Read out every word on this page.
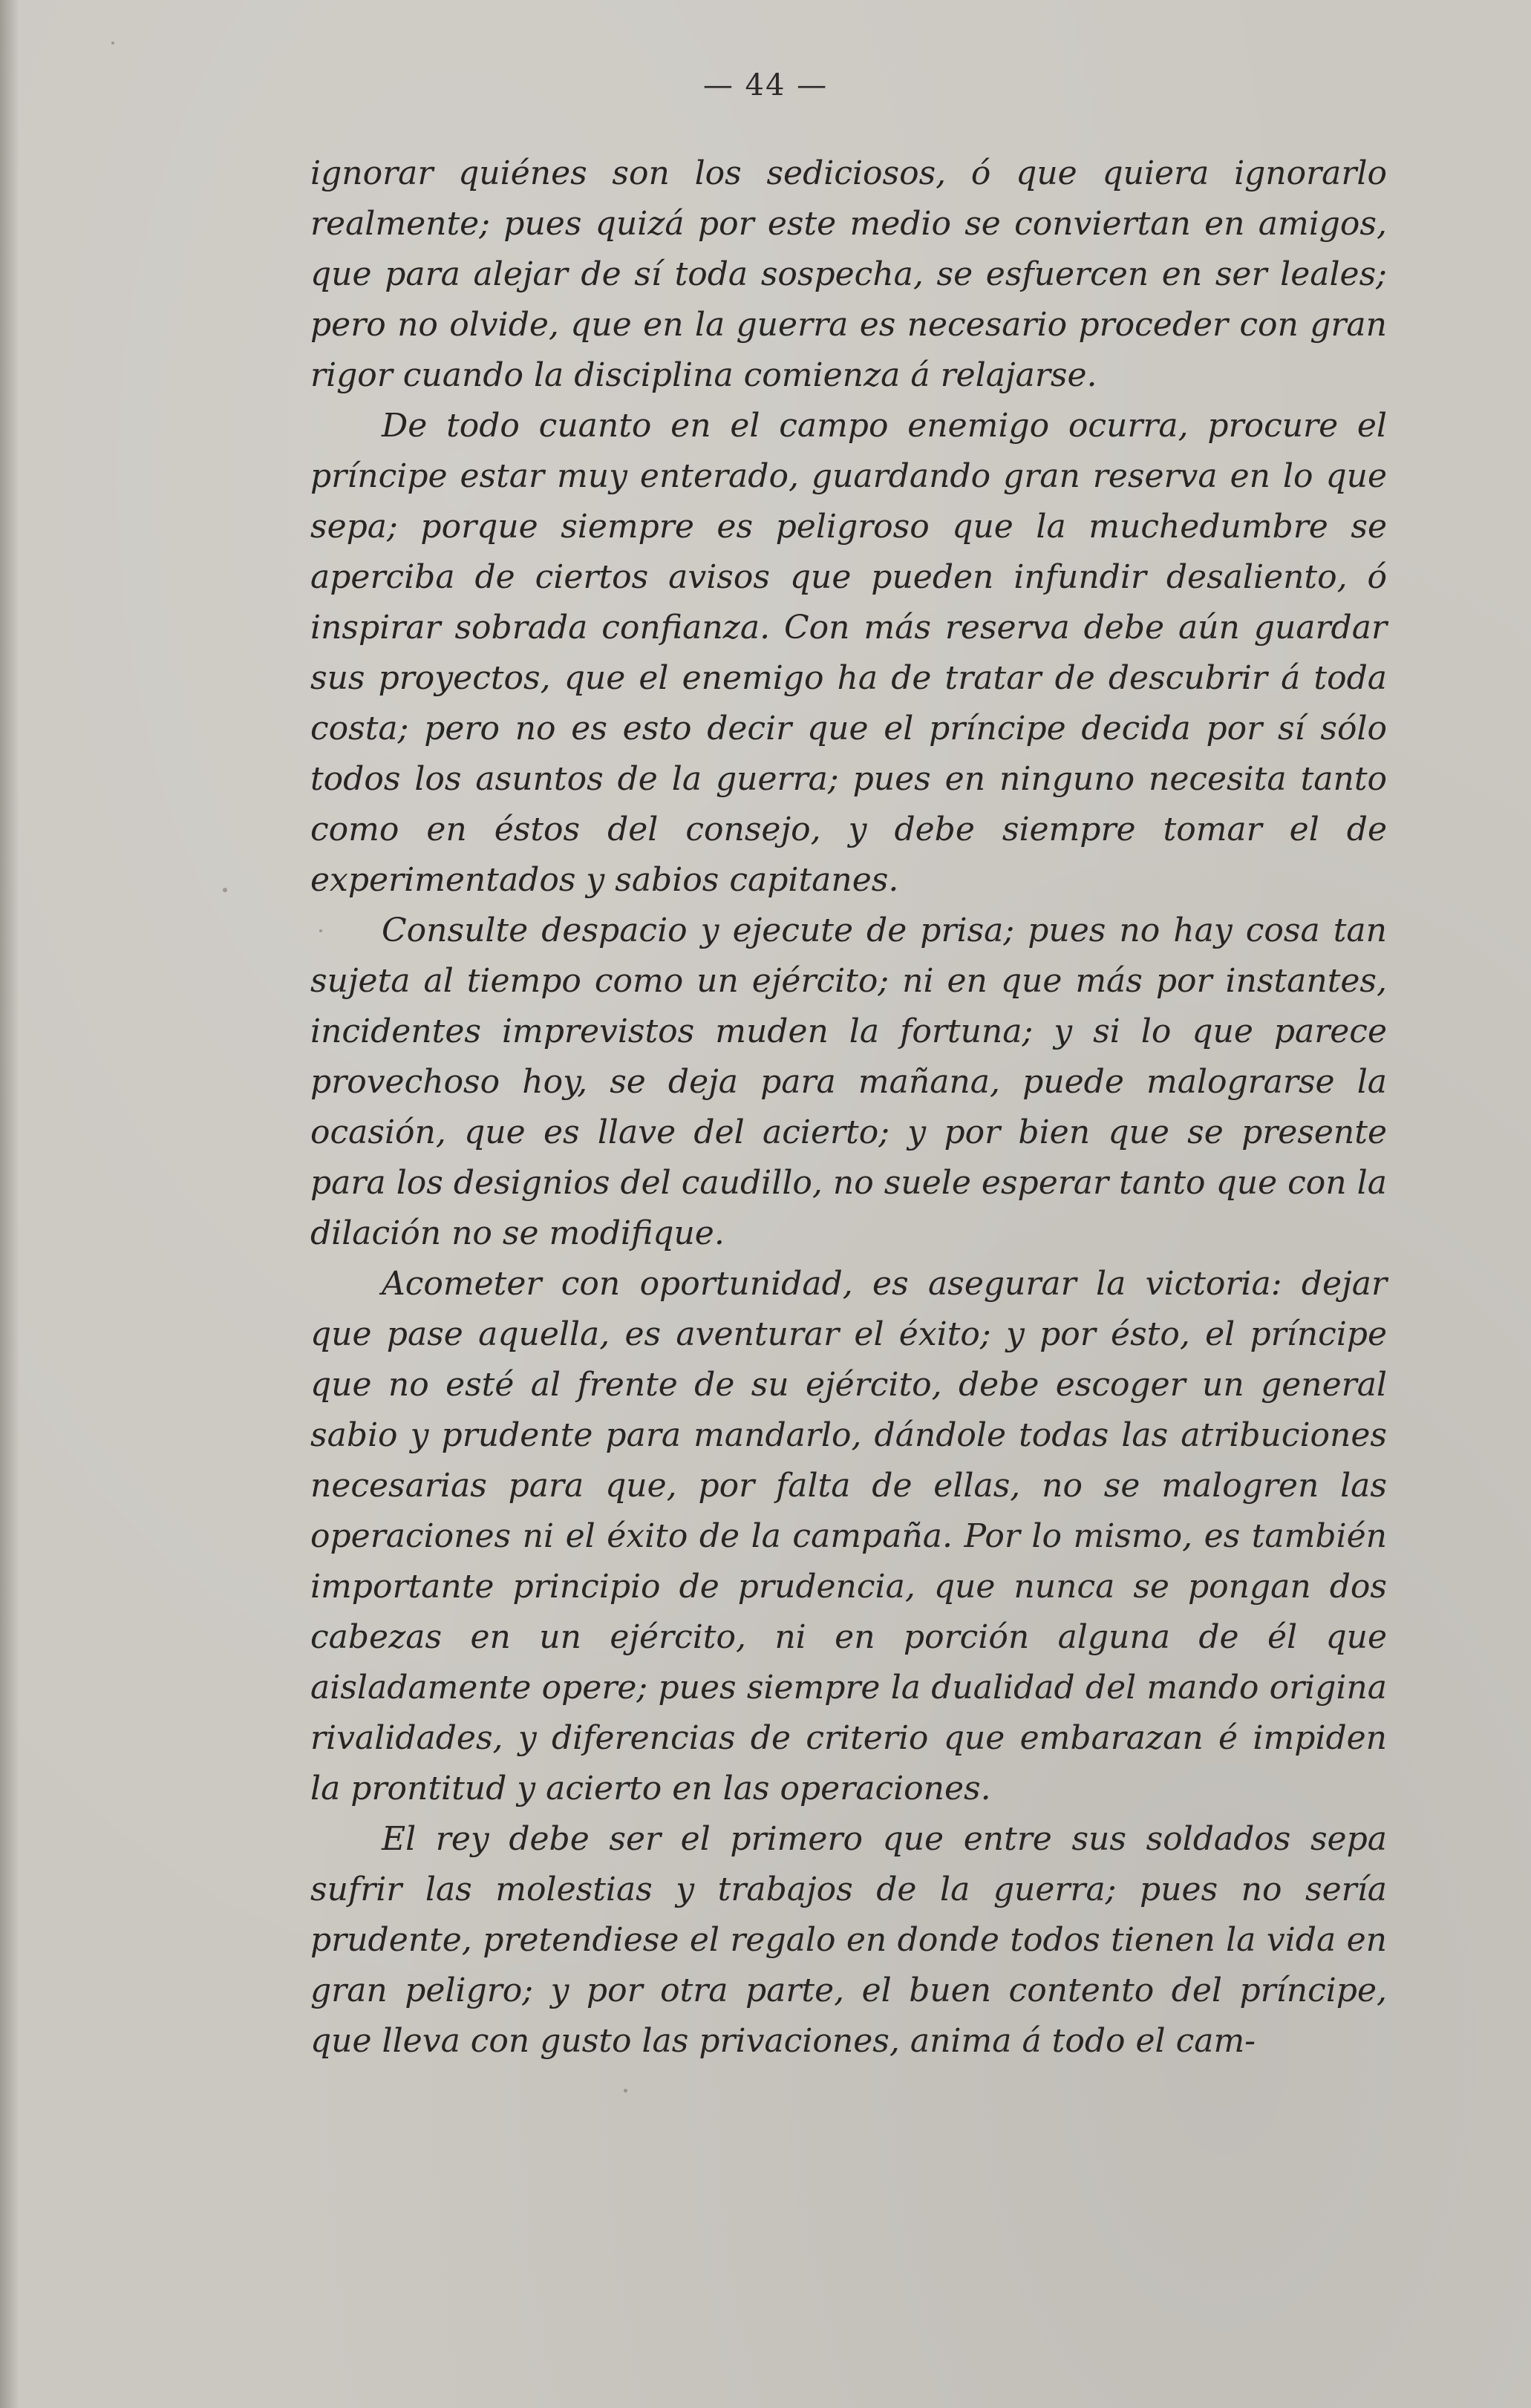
— 44 —

ignorar quiénes son los sediciosos, ó que quiera ignorarlo realmente; pues quizá por este medio se conviertan en amigos, que para alejar de sí toda sospecha, se esfuercen en ser leales; pero no olvide, que en la guerra es necesario proceder con gran rigor cuando la disciplina comienza á relajarse.

De todo cuanto en el campo enemigo ocurra, procure el príncipe estar muy enterado, guardando gran reserva en lo que sepa; porque siempre es peligroso que la muchedumbre se aperciba de ciertos avisos que pueden infundir desaliento, ó inspirar sobrada confianza. Con más reserva debe aún guardar sus proyectos, que el enemigo ha de tratar de descubrir á toda costa; pero no es esto decir que el príncipe decida por sí sólo todos los asuntos de la guerra; pues en ninguno necesita tanto como en éstos del consejo, y debe siempre tomar el de experimentados y sabios capitanes.

Consulte despacio y ejecute de prisa; pues no hay cosa tan sujeta al tiempo como un ejército; ni en que más por instantes, incidentes imprevistos muden la fortuna; y si lo que parece provechoso hoy, se deja para mañana, puede malograrse la ocasión, que es llave del acierto; y por bien que se presente para los designios del caudillo, no suele esperar tanto que con la dilación no se modifique.

Acometer con oportunidad, es asegurar la victoria: dejar que pase aquella, es aventurar el éxito; y por ésto, el príncipe que no esté al frente de su ejército, debe escoger un general sabio y prudente para mandarlo, dándole todas las atribuciones necesarias para que, por falta de ellas, no se malogren las operaciones ni el éxito de la campaña. Por lo mismo, es también importante principio de prudencia, que nunca se pongan dos cabezas en un ejército, ni en porción alguna de él que aisladamente opere; pues siempre la dualidad del mando origina rivalidades, y diferencias de criterio que embarazan é impiden la prontitud y acierto en las operaciones.

El rey debe ser el primero que entre sus soldados sepa sufrir las molestias y trabajos de la guerra; pues no sería prudente, pretendiese el regalo en donde todos tienen la vida en gran peligro; y por otra parte, el buen contento del príncipe, que lleva con gusto las privaciones, anima á todo el cam-
